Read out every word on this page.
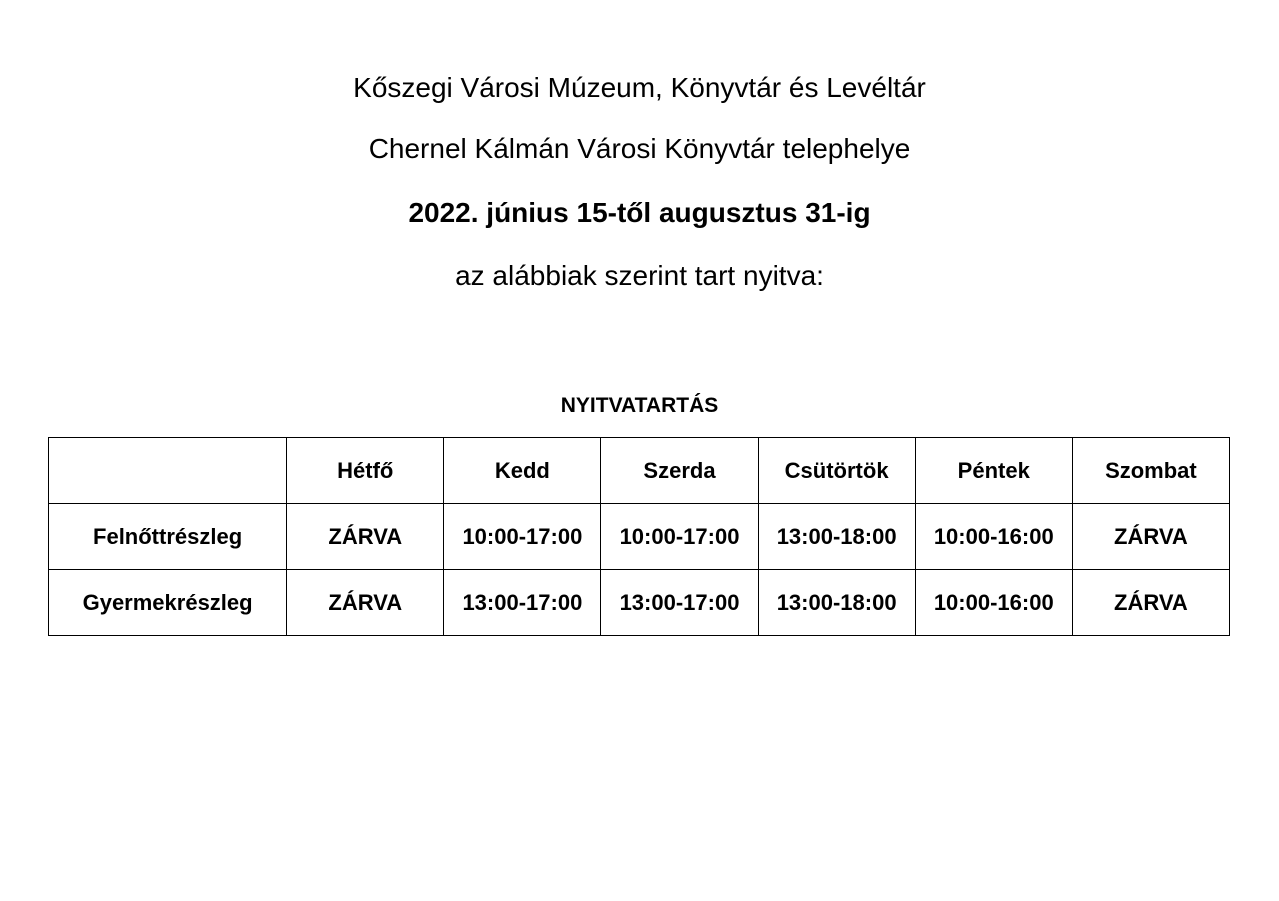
Kőszegi Városi Múzeum, Könyvtár és Levéltár
Chernel Kálmán Városi Könyvtár telephelye
2022. június 15-től augusztus 31-ig
az alábbiak szerint tart nyitva:
NYITVATARTÁS
	Hétfő	Kedd	Szerda	Csütörtök	Péntek	Szombat
Felnőttrészleg	ZÁRVA	10:00-17:00	10:00-17:00	13:00-18:00	10:00-16:00	ZÁRVA
Gyermekrészleg	ZÁRVA	13:00-17:00	13:00-17:00	13:00-18:00	10:00-16:00	ZÁRVA
